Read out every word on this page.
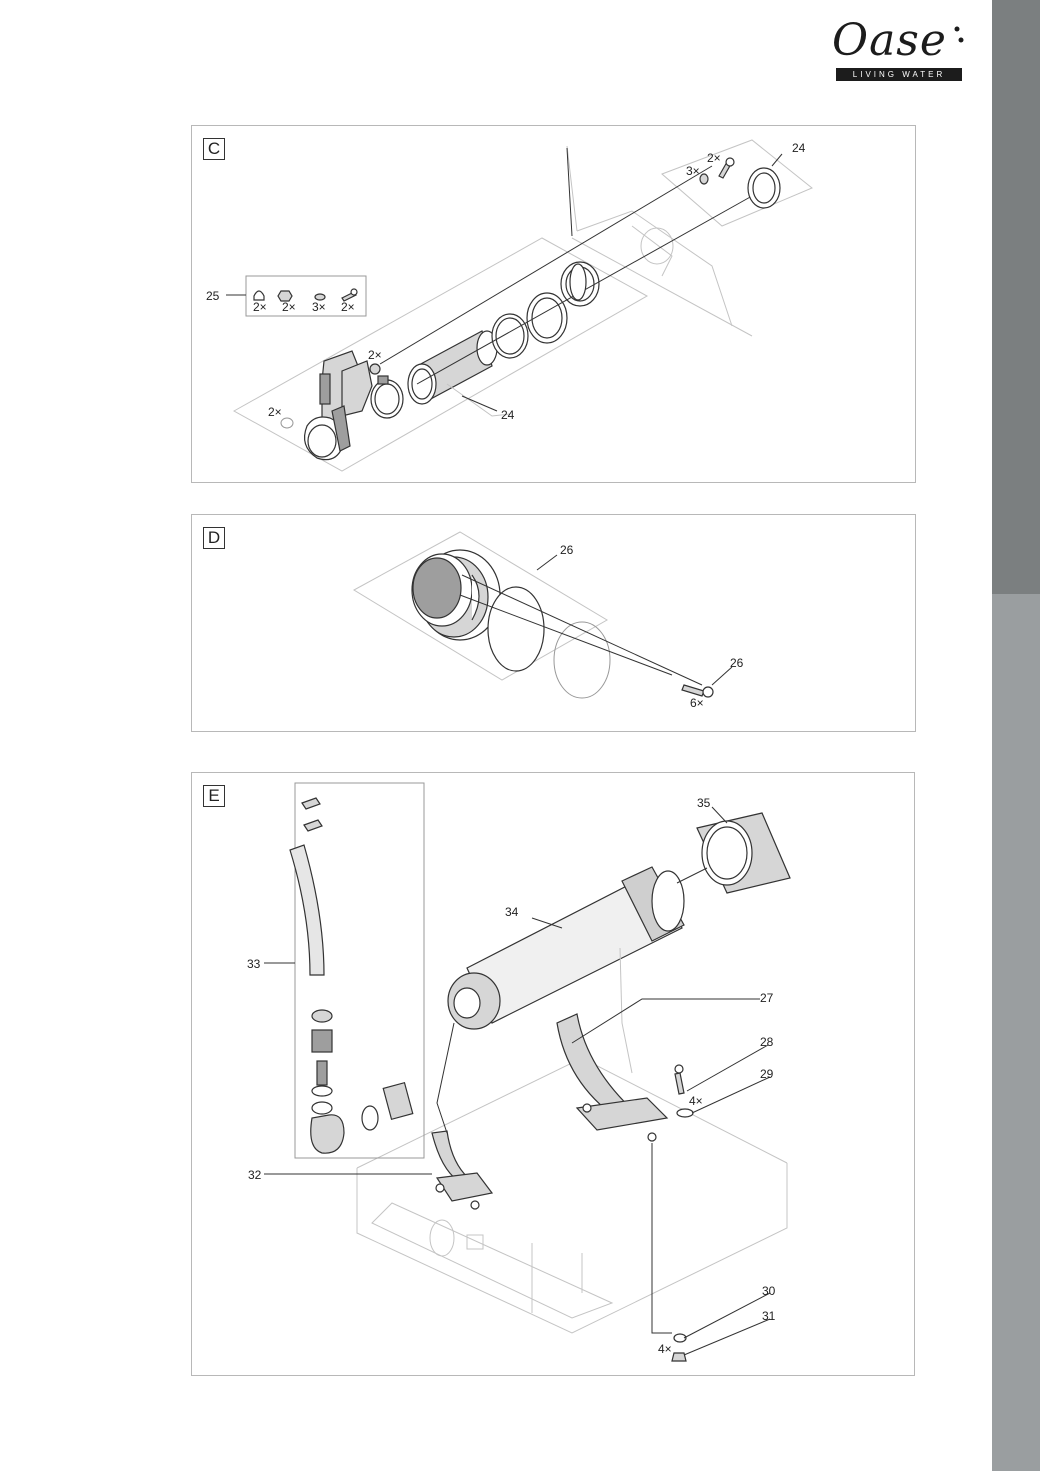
Oase
LIVING WATER
C	24
24
25
2×
3×
2×
2×
2× 2× 3× 2×
D
26
26
6×
E	35
34
33
32
27
28
29
30
31
4×
4×
